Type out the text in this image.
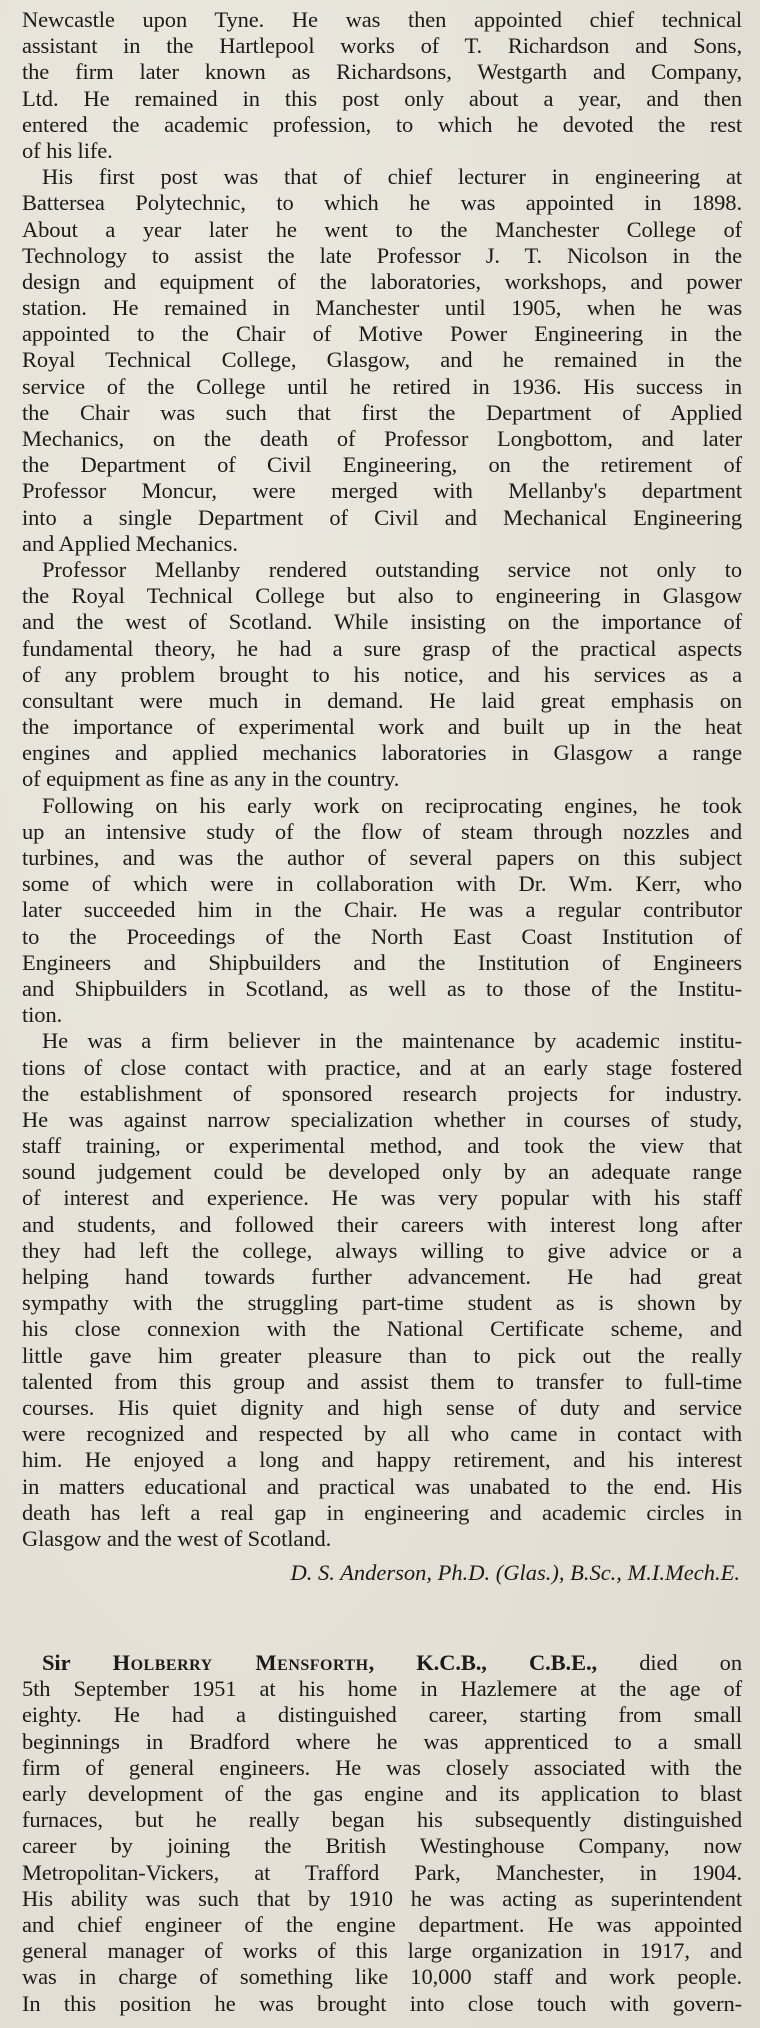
Newcastle upon Tyne. He was then appointed chief technical
assistant in the Hartlepool works of T. Richardson and Sons,
the firm later known as Richardsons, Westgarth and Company,
Ltd. He remained in this post only about a year, and then
entered the academic profession, to which he devoted the rest
of his life.
His first post was that of chief lecturer in engineering at
Battersea Polytechnic, to which he was appointed in 1898.
About a year later he went to the Manchester College of
Technology to assist the late Professor J. T. Nicolson in the
design and equipment of the laboratories, workshops, and power
station. He remained in Manchester until 1905, when he was
appointed to the Chair of Motive Power Engineering in the
Royal Technical College, Glasgow, and he remained in the
service of the College until he retired in 1936. His success in
the Chair was such that first the Department of Applied
Mechanics, on the death of Professor Longbottom, and later
the Department of Civil Engineering, on the retirement of
Professor Moncur, were merged with Mellanby's department
into a single Department of Civil and Mechanical Engineering
and Applied Mechanics.
Professor Mellanby rendered outstanding service not only to
the Royal Technical College but also to engineering in Glasgow
and the west of Scotland. While insisting on the importance of
fundamental theory, he had a sure grasp of the practical aspects
of any problem brought to his notice, and his services as a
consultant were much in demand. He laid great emphasis on
the importance of experimental work and built up in the heat
engines and applied mechanics laboratories in Glasgow a range
of equipment as fine as any in the country.
Following on his early work on reciprocating engines, he took
up an intensive study of the flow of steam through nozzles and
turbines, and was the author of several papers on this subject
some of which were in collaboration with Dr. Wm. Kerr, who
later succeeded him in the Chair. He was a regular contributor
to the Proceedings of the North East Coast Institution of
Engineers and Shipbuilders and the Institution of Engineers
and Shipbuilders in Scotland, as well as to those of the Institu-
tion.
He was a firm believer in the maintenance by academic institu-
tions of close contact with practice, and at an early stage fostered
the establishment of sponsored research projects for industry.
He was against narrow specialization whether in courses of study,
staff training, or experimental method, and took the view that
sound judgement could be developed only by an adequate range
of interest and experience. He was very popular with his staff
and students, and followed their careers with interest long after
they had left the college, always willing to give advice or a
helping hand towards further advancement. He had great
sympathy with the struggling part-time student as is shown by
his close connexion with the National Certificate scheme, and
little gave him greater pleasure than to pick out the really
talented from this group and assist them to transfer to full-time
courses. His quiet dignity and high sense of duty and service
were recognized and respected by all who came in contact with
him. He enjoyed a long and happy retirement, and his interest
in matters educational and practical was unabated to the end. His
death has left a real gap in engineering and academic circles in
Glasgow and the west of Scotland.
D. S. Anderson, Ph.D. (Glas.), B.Sc., M.I.Mech.E.
Sir Holberry Mensforth, K.C.B., C.B.E., died on
5th September 1951 at his home in Hazlemere at the age of
eighty. He had a distinguished career, starting from small
beginnings in Bradford where he was apprenticed to a small
firm of general engineers. He was closely associated with the
early development of the gas engine and its application to blast
furnaces, but he really began his subsequently distinguished
career by joining the British Westinghouse Company, now
Metropolitan-Vickers, at Trafford Park, Manchester, in 1904.
His ability was such that by 1910 he was acting as superintendent
and chief engineer of the engine department. He was appointed
general manager of works of this large organization in 1917, and
was in charge of something like 10,000 staff and work people.
In this position he was brought into close touch with govern-
